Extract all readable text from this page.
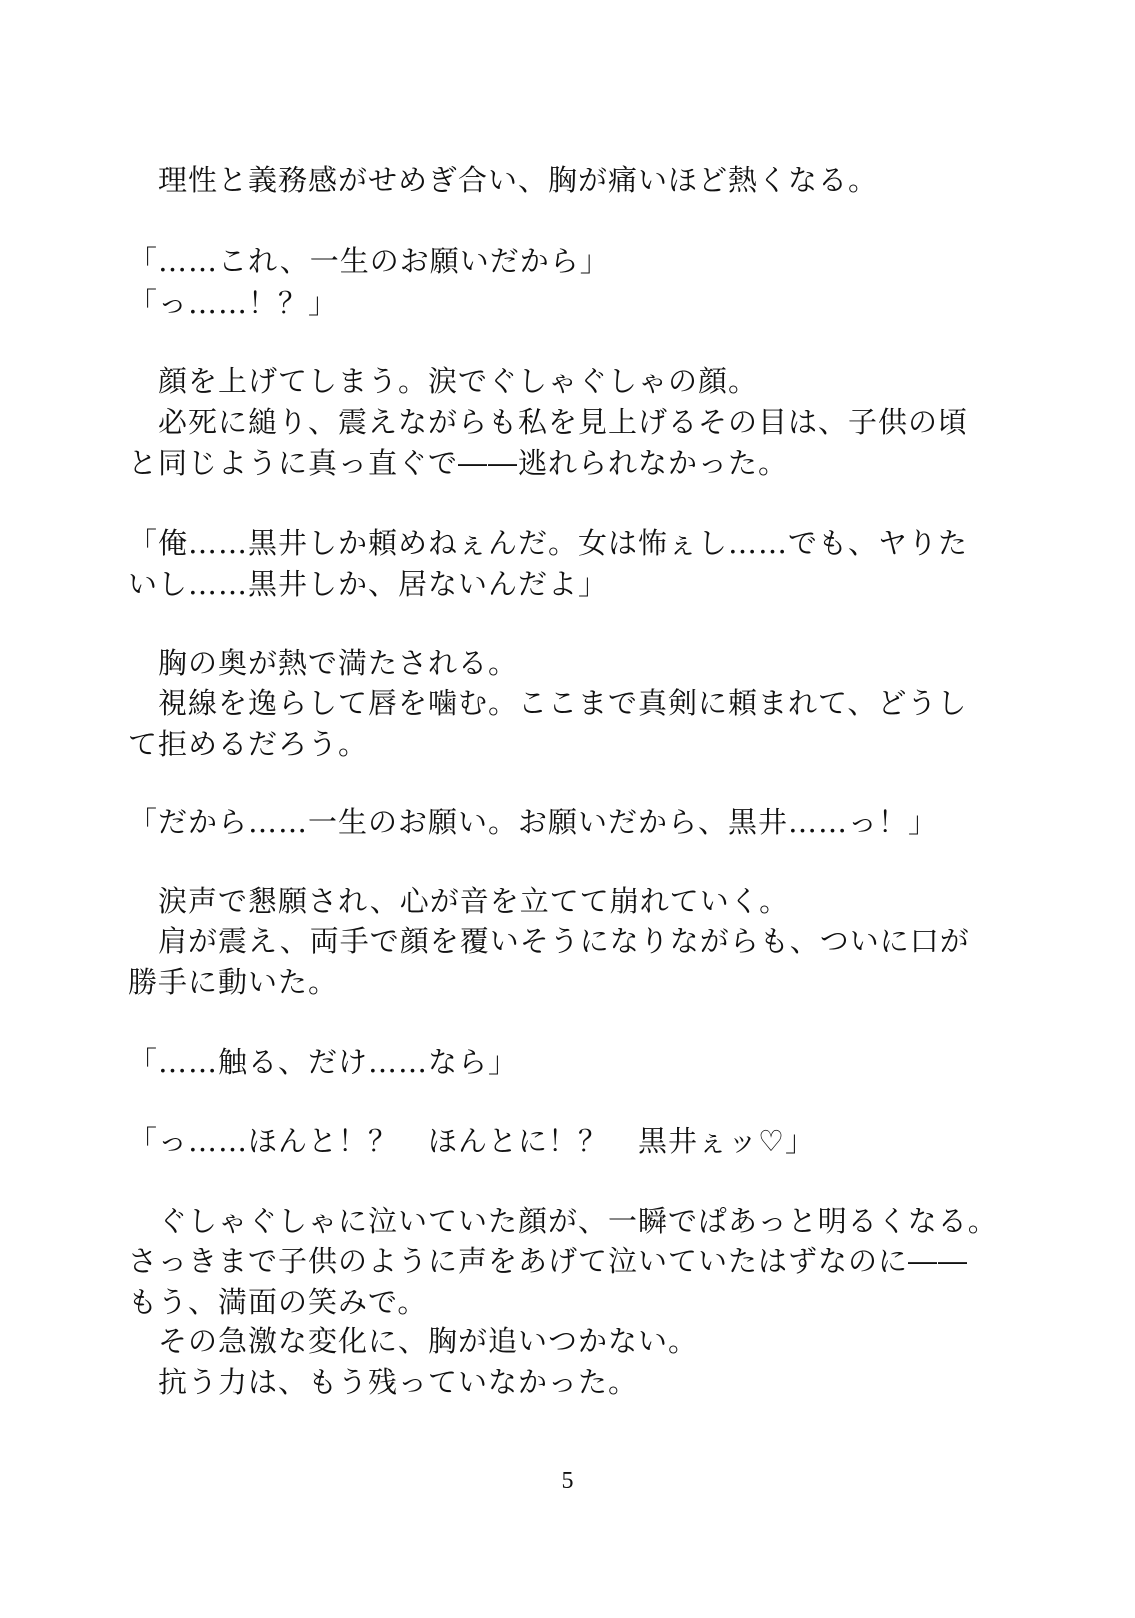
　理性と義務感がせめぎ合い、胸が痛いほど熱くなる。
「……これ、一生のお願いだから」
「っ……！？」
　顔を上げてしまう。涙でぐしゃぐしゃの顔。
　必死に縋り、震えながらも私を見上げるその目は、子供の頃
と同じように真っ直ぐで――逃れられなかった。
「俺……黒井しか頼めねぇんだ。女は怖ぇし……でも、ヤりた
いし……黒井しか、居ないんだよ」
　胸の奥が熱で満たされる。
　視線を逸らして唇を噛む。ここまで真剣に頼まれて、どうし
て拒めるだろう。
「だから……一生のお願い。お願いだから、黒井……っ！」
　涙声で懇願され、心が音を立てて崩れていく。
　肩が震え、両手で顔を覆いそうになりながらも、ついに口が
勝手に動いた。
「……触る、だけ……なら」
「っ……ほんと！？　ほんとに！？　黒井ぇッ♡」
　ぐしゃぐしゃに泣いていた顔が、一瞬でぱあっと明るくなる。
さっきまで子供のように声をあげて泣いていたはずなのに――
もう、満面の笑みで。
　その急激な変化に、胸が追いつかない。
　抗う力は、もう残っていなかった。
5
